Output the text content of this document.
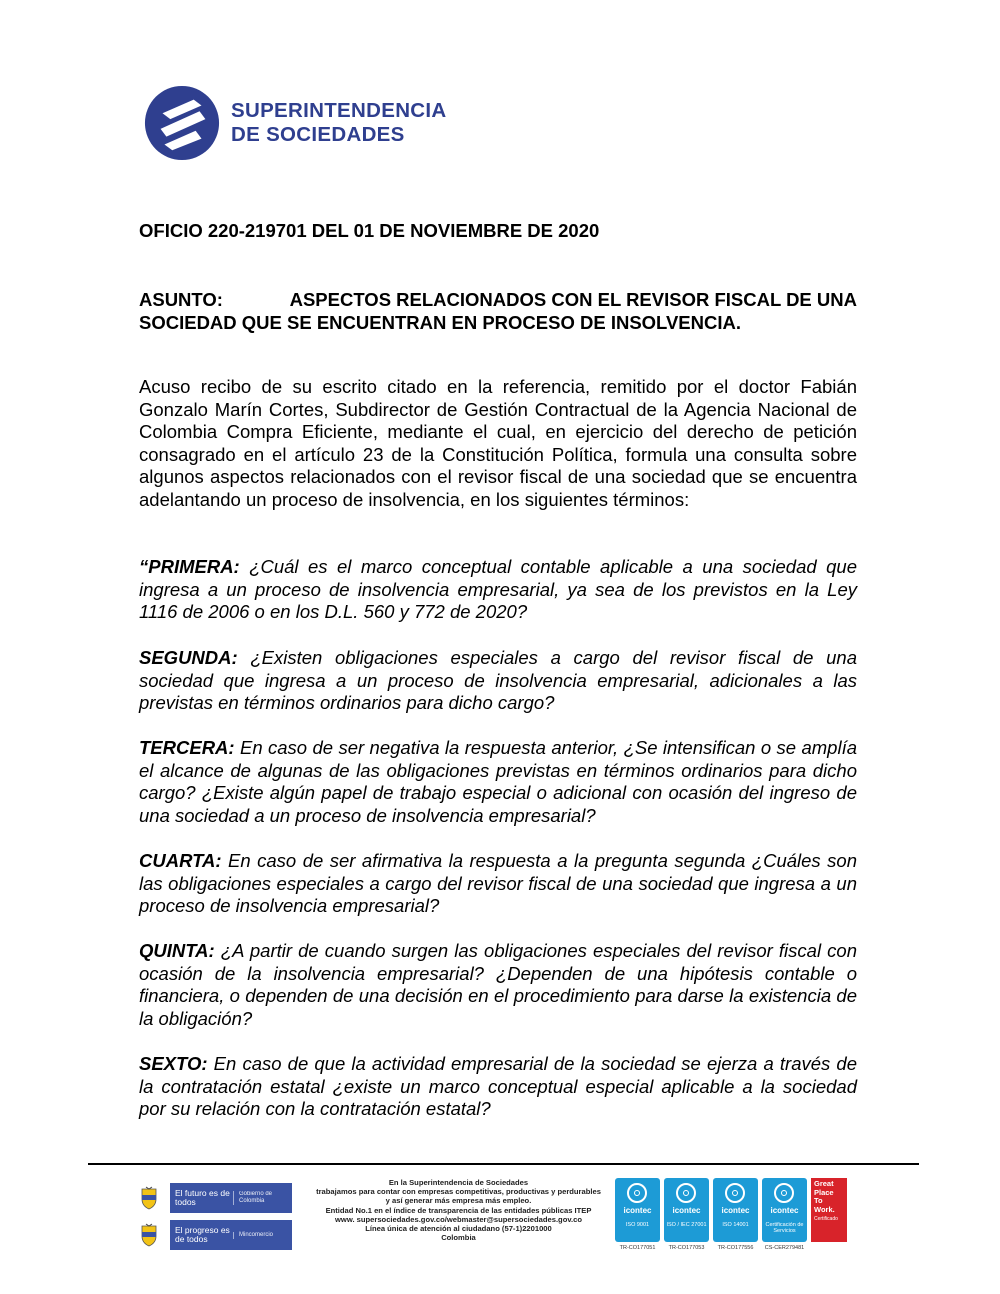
SUPERINTENDENCIA
DE SOCIEDADES
OFICIO 220-219701 DEL 01 DE NOVIEMBRE DE 2020
ASUNTO:	ASPECTOS RELACIONADOS CON EL REVISOR FISCAL DE UNA
SOCIEDAD QUE SE ENCUENTRAN EN PROCESO DE INSOLVENCIA.

Acuso recibo de su escrito citado en la referencia, remitido por el doctor Fabián Gonzalo Marín Cortes, Subdirector de Gestión Contractual de la Agencia Nacional de Colombia Compra Eficiente, mediante el cual, en ejercicio del derecho de petición consagrado en el artículo 23 de la Constitución Política, formula una consulta sobre algunos aspectos relacionados con el revisor fiscal de una sociedad que se encuentra adelantando un proceso de insolvencia, en los siguientes términos:

“PRIMERA: ¿Cuál es el marco conceptual contable aplicable a una sociedad que ingresa a un proceso de insolvencia empresarial, ya sea de los previstos en la Ley 1116 de 2006 o en los D.L. 560 y 772 de 2020?

SEGUNDA: ¿Existen obligaciones especiales a cargo del revisor fiscal de una sociedad que ingresa a un proceso de insolvencia empresarial, adicionales a las previstas en términos ordinarios para dicho cargo?

TERCERA: En caso de ser negativa la respuesta anterior, ¿Se intensifican o se amplía el alcance de algunas de las obligaciones previstas en términos ordinarios para dicho cargo? ¿Existe algún papel de trabajo especial o adicional con ocasión del ingreso de una sociedad a un proceso de insolvencia empresarial?

CUARTA: En caso de ser afirmativa la respuesta a la pregunta segunda ¿Cuáles son las obligaciones especiales a cargo del revisor fiscal de una sociedad que ingresa a un proceso de insolvencia empresarial?

QUINTA: ¿A partir de cuando surgen las obligaciones especiales del revisor fiscal con ocasión de la insolvencia empresarial? ¿Dependen de una hipótesis contable o financiera, o dependen de una decisión en el procedimiento para darse la existencia de la obligación?

SEXTO: En caso de que la actividad empresarial de la sociedad se ejerza a través de la contratación estatal ¿existe un marco conceptual especial aplicable a la sociedad por su relación con la contratación estatal?

El futuro es de todos
Gobierno de Colombia
El progreso es de todos	Mincomercio
En la Superintendencia de Sociedades
trabajamos para contar con empresas competitivas, productivas y perdurables
y así generar más empresa más empleo.
Entidad No.1 en el índice de transparencia de las entidades públicas ITEP
www. supersociedades.gov.co/webmaster@supersociedades.gov.co
Línea única de atención al ciudadano (57-1)2201000
Colombia
icontec
ISO 9001
icontec
ISO / IEC 27001
icontec
ISO 14001
icontec
Certificación de Servicios
Great Place To Work.
Certificado
TR-CO177051	TR-CO177053	TR-CO177556	CS-CER279481
